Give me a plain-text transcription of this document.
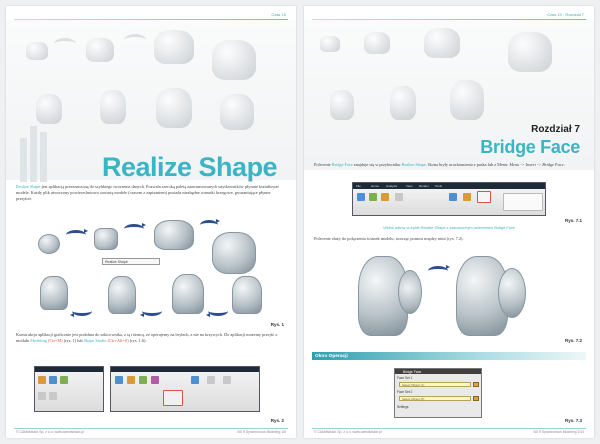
Czas 15
Realize Shape

Realize Shape jest aplikacją przeznaczoną do szybkiego tworzenia danych. Pozwala szeroką paletą zaawansowanych użytkowników płynnie kształtować modele. Każdy plik utworzony powierzchniowo zawartą modele (czasem z zapisaniem) posiada niezbędne warunki brzegowe, gwarantujące płynne przejście.

Realize Shape
Rys. 1

Konstrukcja aplikacji graficznie jest podobna do szkicownika, z tą różnicą, że operujemy na bryłach, a nie na krzywych. Do aplikacji możemy przejść z modułu Modeling (Ctr+M) (rys. 1) lub Shape Studio (Ctr+Alt+S) (rys. 1.6).

Rys. 2
© CAMdivision Sp. z o.o. www.camdivision.pl	NX 9 Synchronous Modeling 1/6
Czas 15 · Rozdział 7
Rozdział 7
Bridge Face

Polecenie Bridge Face znajduje się w przyborniku Realize Shape. Ikona bryły uruchomienia z paska lub z Menu: Menu -> Insert -> Bridge Face.

File	Home Analysis	View Render Tools
Rys. 7.1
Widok wiersz w trybie Realize Shape z zaznaczonym poleceniem Bridge Face

Polecenie służy do połączenia ścianek modelu, tworząc pomost między nimi (rys. 7.2).

Rys. 7.2
Okno Operacji
Bridge Face
Face Set 1
Select Object (1)
Face Set 2
Select Object (0)
Settings
Rys. 7.3
© CAMdivision Sp. z o.o. www.camdivision.pl	NX 9 Synchronous Modeling 1/10
